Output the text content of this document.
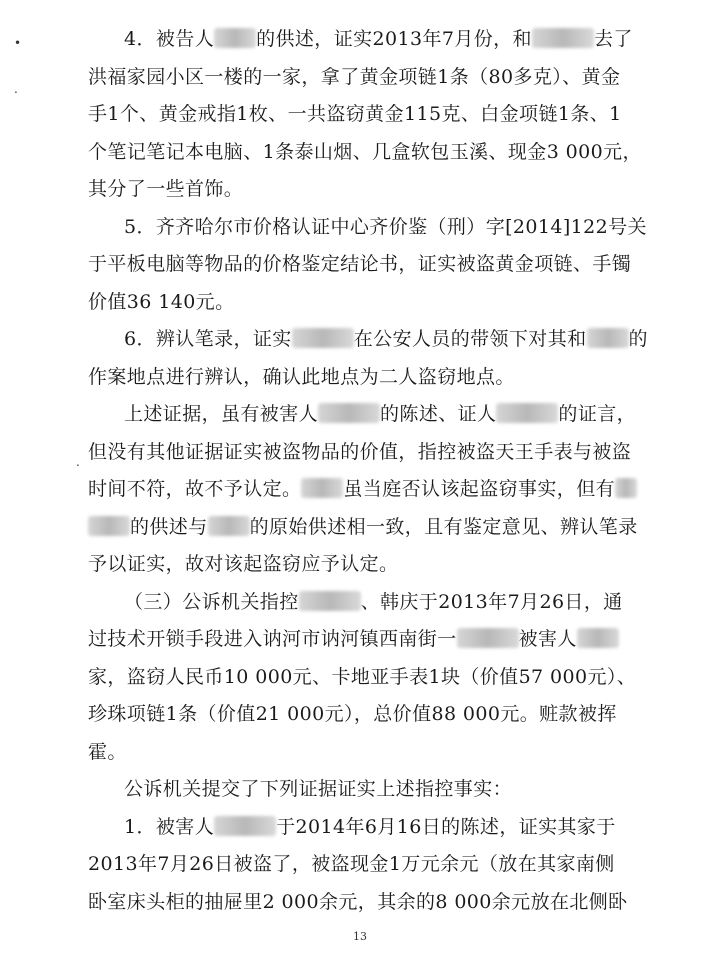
•
.
.
4．被告人 的供述，证实2013年7月份，和	去了
洪福家园小区一楼的一家，拿了黄金项链1条（80多克）、黄金
手1个、黄金戒指1枚、一共盗窃黄金115克、白金项链1条、1
个笔记笔记本电脑、1条泰山烟、几盒软包玉溪、现金3 000元，
其分了一些首饰。
5．齐齐哈尔市价格认证中心齐价鉴（刑）字[2014]122号关
于平板电脑等物品的价格鉴定结论书，证实被盗黄金项链、手镯
价值36 140元。
6．辨认笔录，证实	在公安人员的带领下对其和 的
作案地点进行辨认，确认此地点为二人盗窃地点。
上述证据，虽有被害人	的陈述、证人	的证言，
但没有其他证据证实被盗物品的价值，指控被盗天王手表与被盗
时间不符，故不予认定。 虽当庭否认该起盗窃事实，但有
的供述与 的原始供述相一致，且有鉴定意见、辨认笔录
予以证实，故对该起盗窃应予认定。
（三）公诉机关指控	、韩庆于2013年7月26日，通
过技术开锁手段进入讷河市讷河镇西南街一	被害人
家，盗窃人民币10 000元、卡地亚手表1块（价值57 000元）、
珍珠项链1条（价值21 000元），总价值88 000元。赃款被挥
霍。
公诉机关提交了下列证据证实上述指控事实：
1．被害人	于2014年6月16日的陈述，证实其家于
2013年7月26日被盗了，被盗现金1万元余元（放在其家南侧
卧室床头柜的抽屉里2 000余元，其余的8 000余元放在北侧卧
13
